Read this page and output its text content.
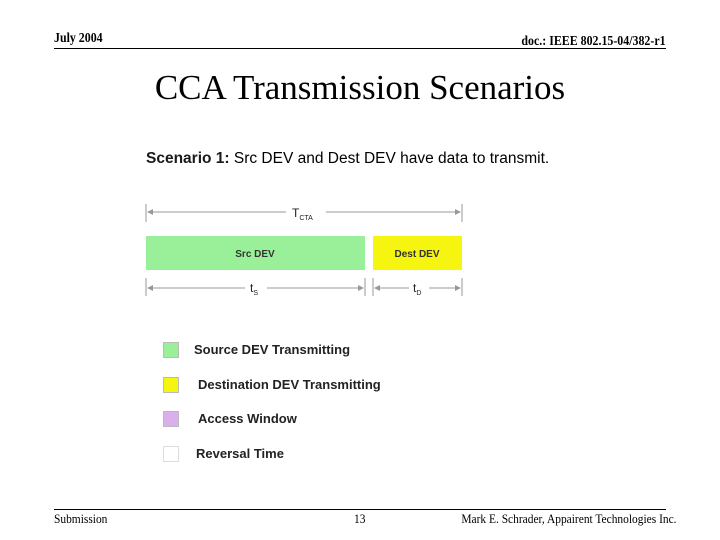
July 2004	doc.: IEEE 802.15-04/382-r1
CCA Transmission Scenarios
Scenario 1: Src DEV and Dest DEV have data to transmit.
$T_{CTA}$
Src DEV	Dest DEV
$t_S$	$t_D$
Source DEV Transmitting
Destination DEV Transmitting
Access Window
Reversal Time
Submission	13	Mark E. Schrader, Appairent Technologies Inc.
